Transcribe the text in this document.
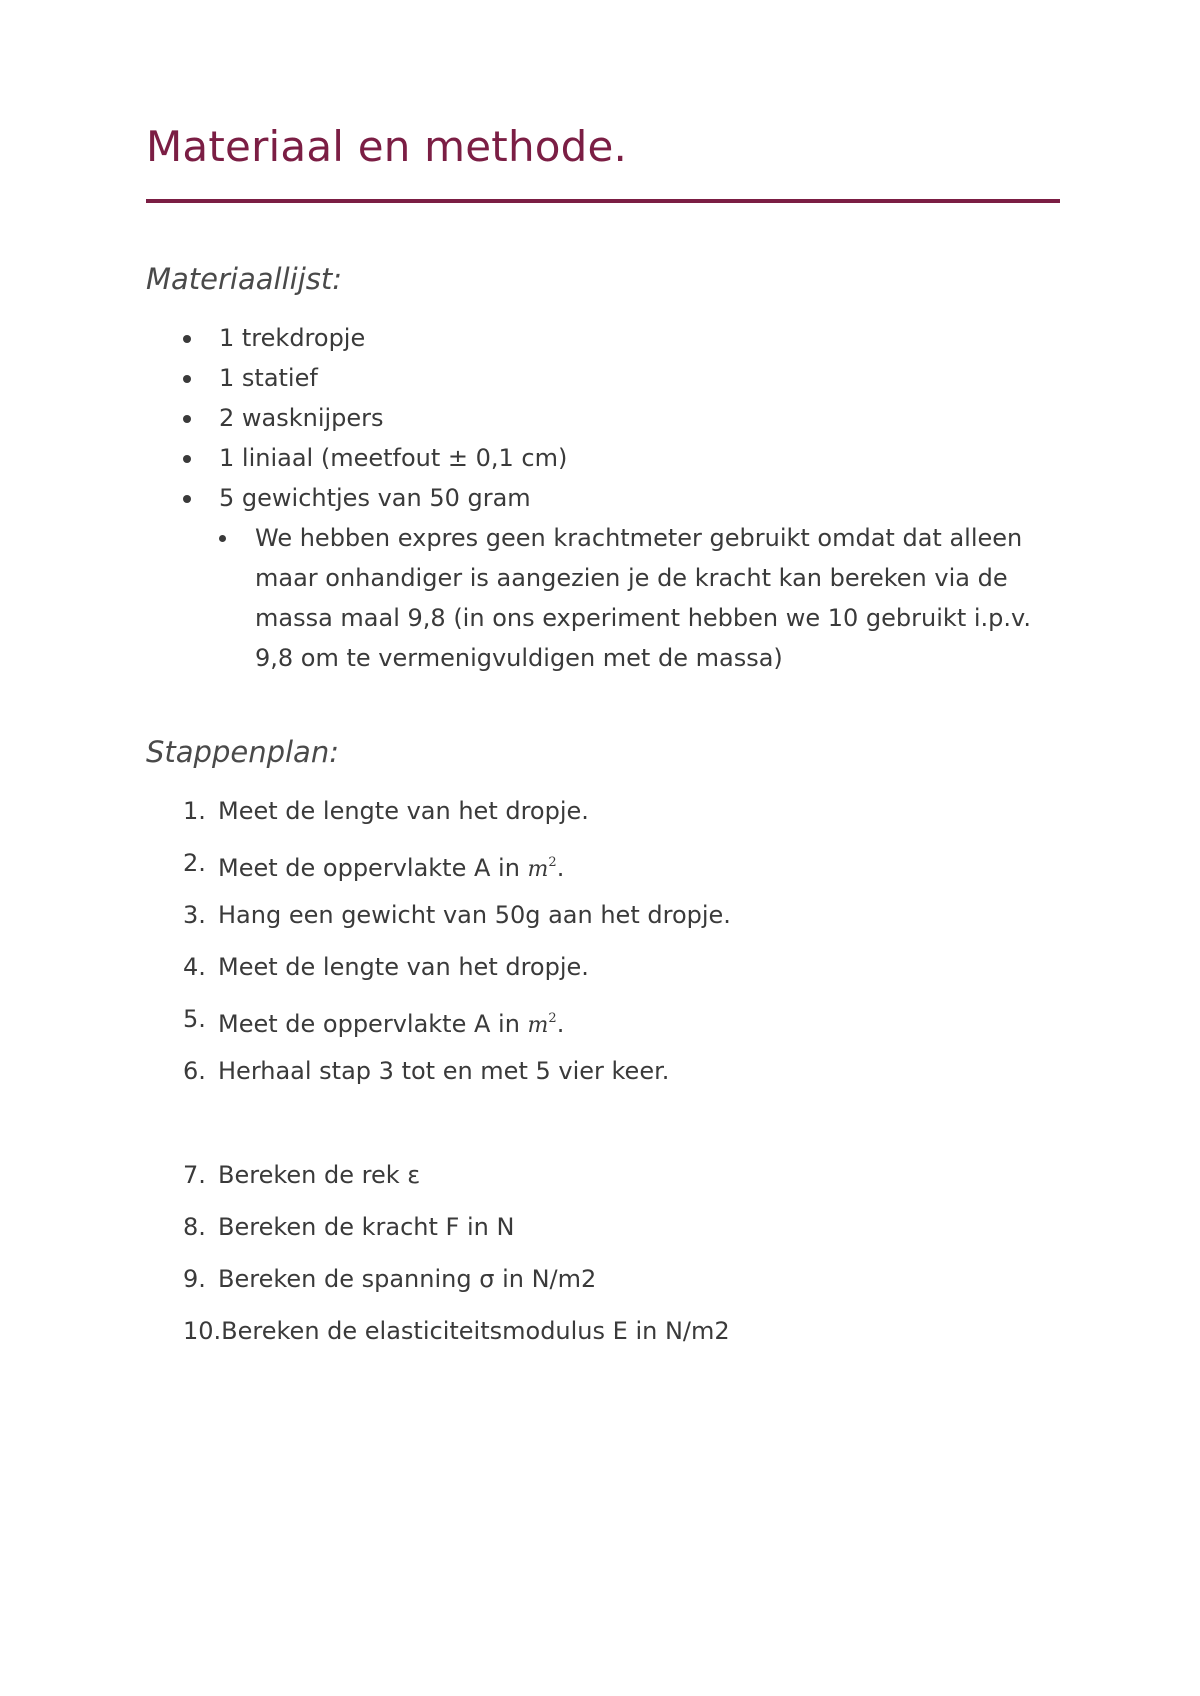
Materiaal en methode.
Materiaallijst:
1 trekdropje
1 statief
2 wasknijpers
1 liniaal (meetfout ± 0,1 cm)
5 gewichtjes van 50 gram
We hebben expres geen krachtmeter gebruikt omdat dat alleen maar onhandiger is aangezien je de kracht kan bereken via de massa maal 9,8 (in ons experiment hebben we 10 gebruikt i.p.v. 9,8 om te vermenigvuldigen met de massa)
Stappenplan:
1. Meet de lengte van het dropje.
2. Meet de oppervlakte A in $m^2$.
3. Hang een gewicht van 50g aan het dropje.
4. Meet de lengte van het dropje.
5. Meet de oppervlakte A in $m^2$.
6. Herhaal stap 3 tot en met 5 vier keer.
7. Bereken de rek ε
8. Bereken de kracht F in N
9. Bereken de spanning σ in N/m2
10.Bereken de elasticiteitsmodulus E in N/m2
